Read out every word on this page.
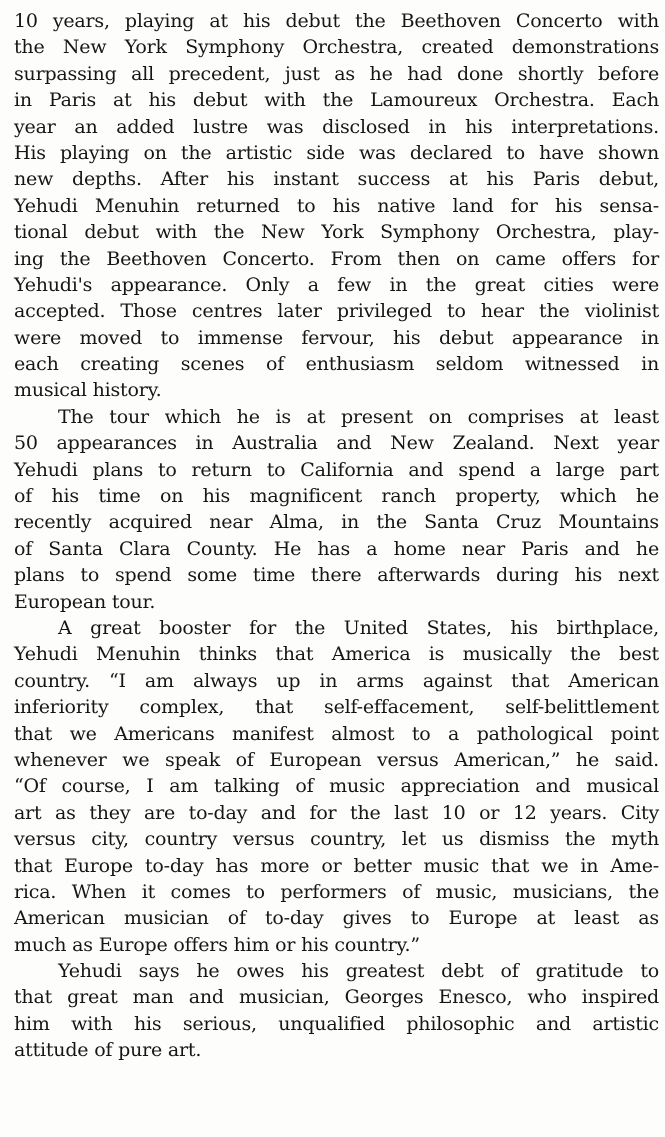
10 years, playing at his debut the Beethoven Concerto with
the New York Symphony Orchestra, created demonstrations
surpassing all precedent, just as he had done shortly before
in Paris at his debut with the Lamoureux Orchestra. Each
year an added lustre was disclosed in his interpretations.
His playing on the artistic side was declared to have shown
new depths. After his instant success at his Paris debut,
Yehudi Menuhin returned to his native land for his sensa-
tional debut with the New York Symphony Orchestra, play-
ing the Beethoven Concerto. From then on came offers for
Yehudi's appearance. Only a few in the great cities were
accepted. Those centres later privileged to hear the violinist
were moved to immense fervour, his debut appearance in
each creating scenes of enthusiasm seldom witnessed in
musical history.
The tour which he is at present on comprises at least
50 appearances in Australia and New Zealand. Next year
Yehudi plans to return to California and spend a large part
of his time on his magnificent ranch property, which he
recently acquired near Alma, in the Santa Cruz Mountains
of Santa Clara County. He has a home near Paris and he
plans to spend some time there afterwards during his next
European tour.
A great booster for the United States, his birthplace,
Yehudi Menuhin thinks that America is musically the best
country. “I am always up in arms against that American
inferiority complex, that self-effacement, self-belittlement
that we Americans manifest almost to a pathological point
whenever we speak of European versus American,” he said.
“Of course, I am talking of music appreciation and musical
art as they are to-day and for the last 10 or 12 years. City
versus city, country versus country, let us dismiss the myth
that Europe to-day has more or better music that we in Ame-
rica. When it comes to performers of music, musicians, the
American musician of to-day gives to Europe at least as
much as Europe offers him or his country.”
Yehudi says he owes his greatest debt of gratitude to
that great man and musician, Georges Enesco, who inspired
him with his serious, unqualified philosophic and artistic
attitude of pure art.
